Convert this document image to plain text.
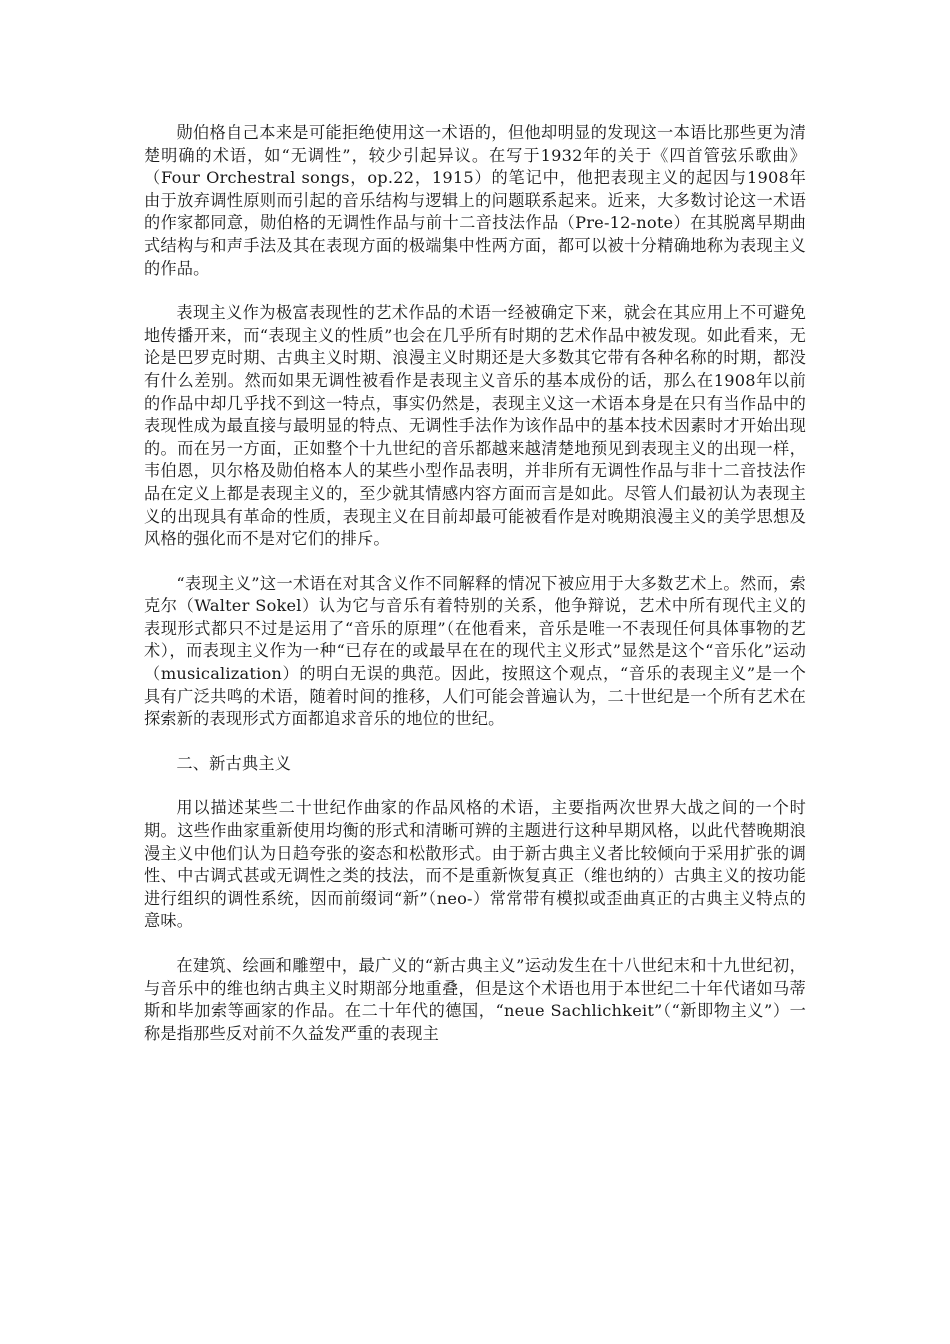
勋伯格自己本来是可能拒绝使用这一术语的，但他却明显的发现这一本语比那些更为清楚明确的术语，如“无调性”，较少引起异议。在写于1932年的关于《四首管弦乐歌曲》（Four Orchestral songs，op.22，1915）的笔记中，他把表现主义的起因与1908年由于放弃调性原则而引起的音乐结构与逻辑上的问题联系起来。近来，大多数讨论这一术语的作家都同意，勋伯格的无调性作品与前十二音技法作品（Pre-12-note）在其脱离早期曲式结构与和声手法及其在表现方面的极端集中性两方面，都可以被十分精确地称为表现主义的作品。

表现主义作为极富表现性的艺术作品的术语一经被确定下来，就会在其应用上不可避免地传播开来，而“表现主义的性质”也会在几乎所有时期的艺术作品中被发现。如此看来，无论是巴罗克时期、古典主义时期、浪漫主义时期还是大多数其它带有各种名称的时期，都没有什么差别。然而如果无调性被看作是表现主义音乐的基本成份的话，那么在1908年以前的作品中却几乎找不到这一特点，事实仍然是，表现主义这一术语本身是在只有当作品中的表现性成为最直接与最明显的特点、无调性手法作为该作品中的基本技术因素时才开始出现的。而在另一方面，正如整个十九世纪的音乐都越来越清楚地预见到表现主义的出现一样，韦伯恩，贝尔格及勋伯格本人的某些小型作品表明，并非所有无调性作品与非十二音技法作品在定义上都是表现主义的，至少就其情感内容方面而言是如此。尽管人们最初认为表现主义的出现具有革命的性质，表现主义在目前却最可能被看作是对晚期浪漫主义的美学思想及风格的强化而不是对它们的排斥。

“表现主义”这一术语在对其含义作不同解释的情况下被应用于大多数艺术上。然而，索克尔（Walter Sokel）认为它与音乐有着特别的关系，他争辩说，艺术中所有现代主义的表现形式都只不过是运用了“音乐的原理”（在他看来，音乐是唯一不表现任何具体事物的艺术），而表现主义作为一种“已存在的或最早在在的现代主义形式”显然是这个“音乐化”运动（musicalization）的明白无误的典范。因此，按照这个观点，“音乐的表现主义”是一个具有广泛共鸣的术语，随着时间的推移，人们可能会普遍认为，二十世纪是一个所有艺术在探索新的表现形式方面都追求音乐的地位的世纪。

二、新古典主义

用以描述某些二十世纪作曲家的作品风格的术语，主要指两次世界大战之间的一个时期。这些作曲家重新使用均衡的形式和清晰可辨的主题进行这种早期风格，以此代替晚期浪漫主义中他们认为日趋夸张的姿态和松散形式。由于新古典主义者比较倾向于采用扩张的调性、中古调式甚或无调性之类的技法，而不是重新恢复真正（维也纳的）古典主义的按功能进行组织的调性系统，因而前缀词“新”（neo-）常常带有模拟或歪曲真正的古典主义特点的意味。

在建筑、绘画和雕塑中，最广义的“新古典主义”运动发生在十八世纪末和十九世纪初，与音乐中的维也纳古典主义时期部分地重叠，但是这个术语也用于本世纪二十年代诸如马蒂斯和毕加索等画家的作品。在二十年代的德国，“neue Sachlichkeit”（“新即物主义”）一称是指那些反对前不久益发严重的表现主
